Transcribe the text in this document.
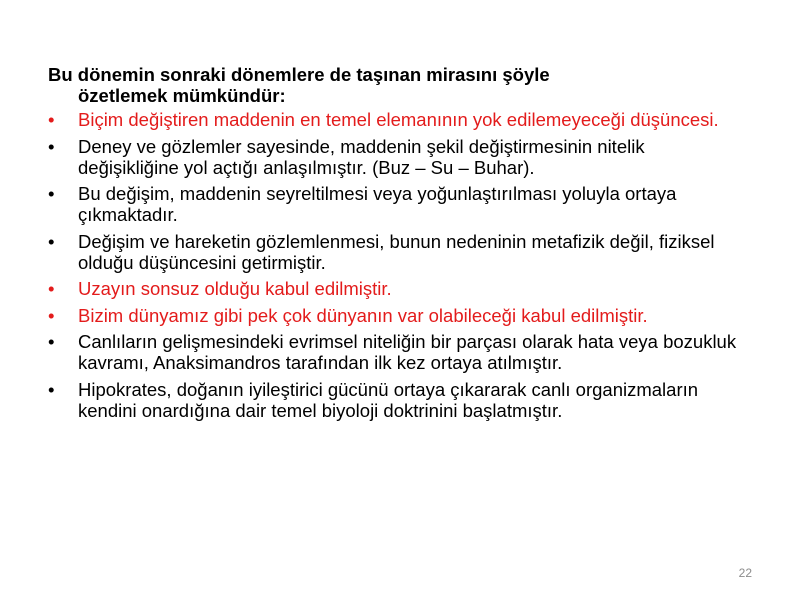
Bu dönemin sonraki dönemlere de taşınan mirasını şöyle
özetlemek mümkündür:
•	Biçim değiştiren maddenin en temel elemanının yok edilemeyeceği düşüncesi.
•	Deney ve gözlemler sayesinde, maddenin şekil değiştirmesinin nitelik değişikliğine yol açtığı anlaşılmıştır. (Buz – Su – Buhar).
•	Bu değişim, maddenin seyreltilmesi veya yoğunlaştırılması yoluyla ortaya çıkmaktadır.
•	Değişim ve hareketin gözlemlenmesi, bunun nedeninin metafizik değil, fiziksel olduğu düşüncesini getirmiştir.
•	Uzayın sonsuz olduğu kabul edilmiştir.
•	Bizim dünyamız gibi pek çok dünyanın var olabileceği kabul edilmiştir.
•	Canlıların gelişmesindeki evrimsel niteliğin bir parçası olarak hata veya bozukluk kavramı, Anaksimandros tarafından ilk kez ortaya atılmıştır.
•	Hipokrates, doğanın iyileştirici gücünü ortaya çıkararak canlı organizmaların kendini onardığına dair temel biyoloji doktrinini başlatmıştır.
22
